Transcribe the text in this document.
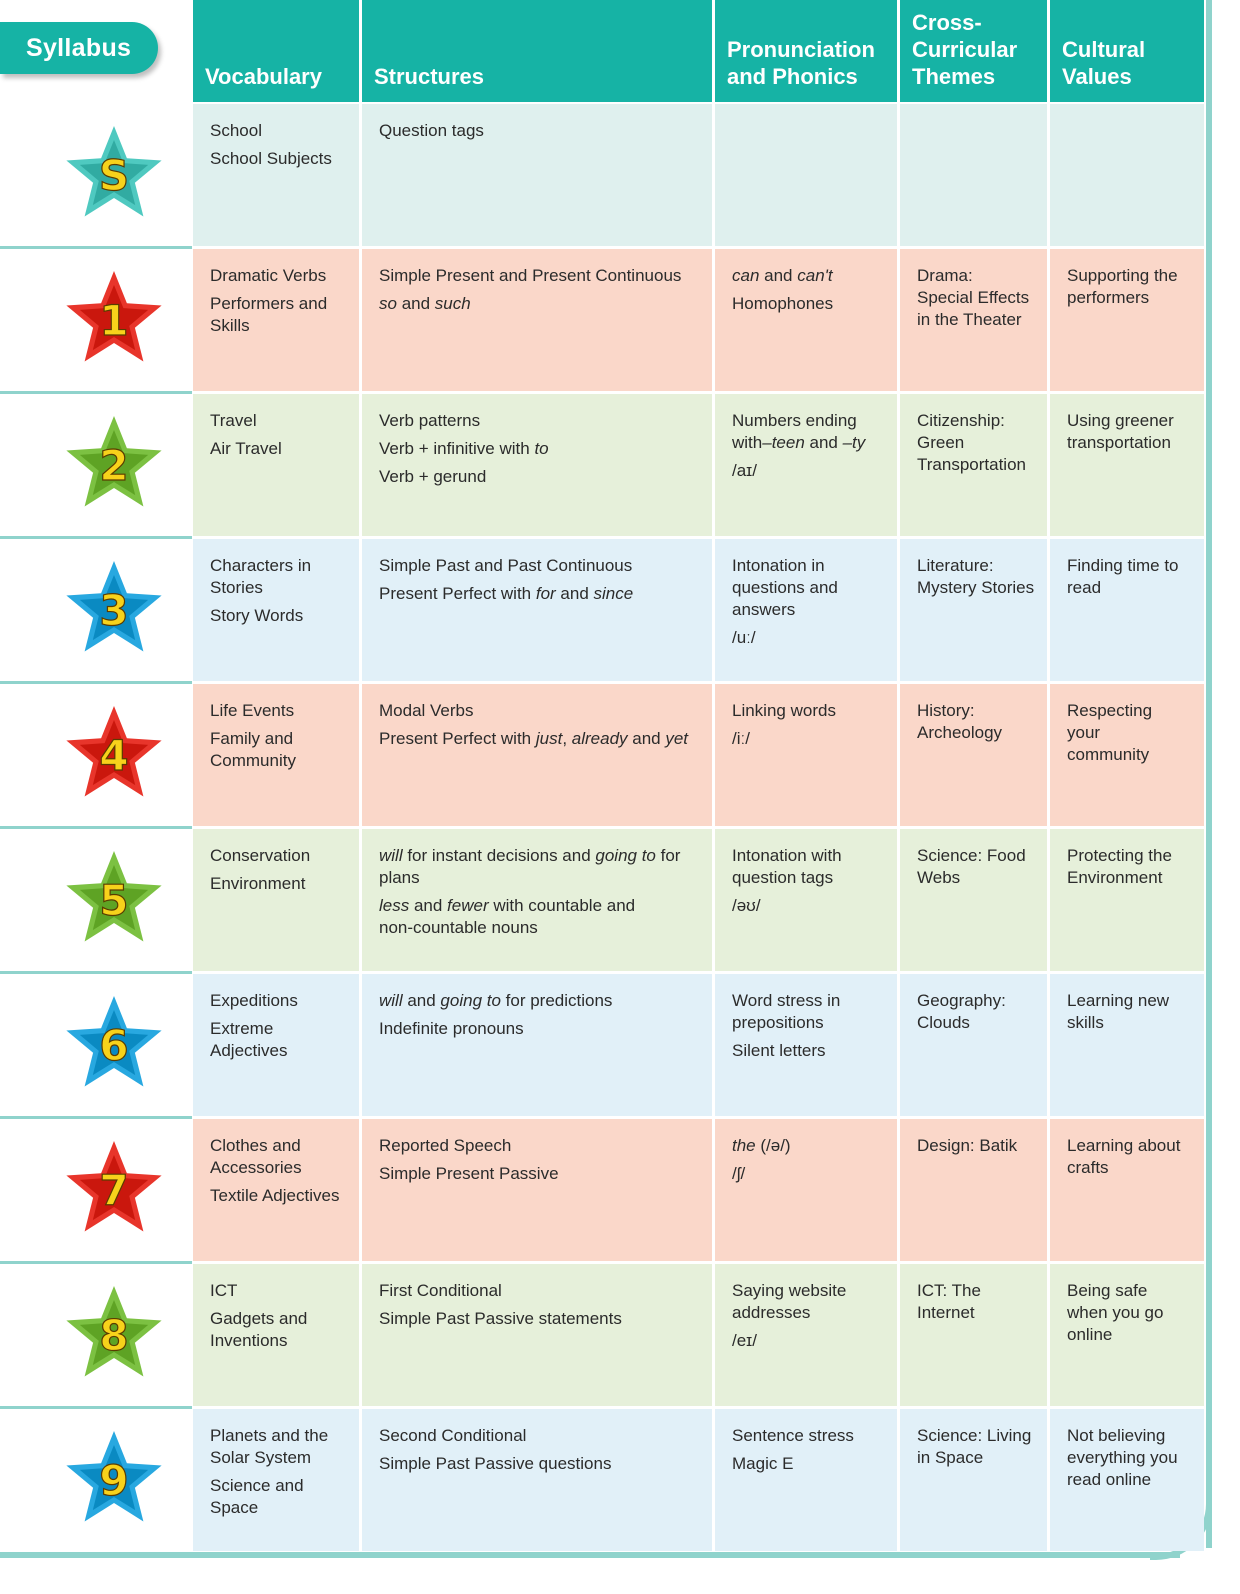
Syllabus
Vocabulary Structures
Pronunciation
and Phonics
Cross-
Curricular
Themes
Cultural
Values
S
School
School Subjects
Question tags
1
Dramatic Verbs
Performers and
Skills
Simple Present and Present Continuous
so and such
can and can't
Homophones
Drama:
Special Effects
in the Theater
Supporting the
performers
2
Travel
Air Travel
Verb patterns
Verb + infinitive with to
Verb + gerund
Numbers ending
with–teen and –ty
/aɪ/
Citizenship:
Green
Transportation
Using greener
transportation
3
Characters in
Stories
Story Words
Simple Past and Past Continuous
Present Perfect with for and since
Intonation in
questions and
answers
/uː/
Literature:
Mystery Stories
Finding time to
read
4
Life Events
Family and
Community
Modal Verbs
Present Perfect with just, already and yet
Linking words
/iː/
History:
Archeology
Respecting
your
community
5
Conservation
Environment
will for instant decisions and going to for
plans
less and fewer with countable and
non-countable nouns
Intonation with
question tags
/əʊ/
Science: Food
Webs
Protecting the
Environment
6
Expeditions
Extreme
Adjectives
will and going to for predictions
Indefinite pronouns
Word stress in
prepositions
Silent letters
Geography:
Clouds
Learning new
skills
7
Clothes and
Accessories
Textile Adjectives
Reported Speech
Simple Present Passive
the (/ə/)
/ʃ/
Design: Batik	Learning about
crafts
8
ICT
Gadgets and
Inventions
First Conditional
Simple Past Passive statements
Saying website
addresses
/eɪ/
ICT: The
Internet
Being safe
when you go
online
9
Planets and the
Solar System
Science and
Space
Second Conditional
Simple Past Passive questions
Sentence stress
Magic E
Science: Living
in Space
Not believing
everything you
read online
